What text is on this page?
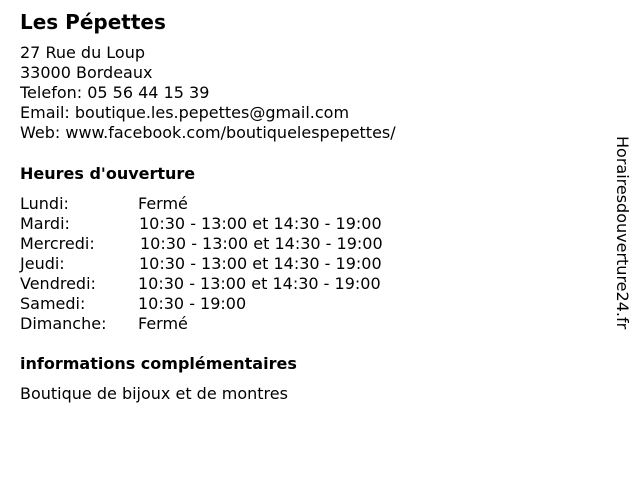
Les Pépettes
27 Rue du Loup
33000 Bordeaux
Telefon: 05 56 44 15 39
Email: boutique.les.pepettes@gmail.com
Web: www.facebook.com/boutiquelespepettes/
Heures d'ouverture
Lundi:	Fermé
Mardi:	10:30 - 13:00 et 14:30 - 19:00
Mercredi:	10:30 - 13:00 et 14:30 - 19:00
Jeudi:	10:30 - 13:00 et 14:30 - 19:00
Vendredi:	10:30 - 13:00 et 14:30 - 19:00
Samedi:	10:30 - 19:00
Dimanche: Fermé
informations complémentaires
Boutique de bijoux et de montres
Horairesdouverture24.fr
